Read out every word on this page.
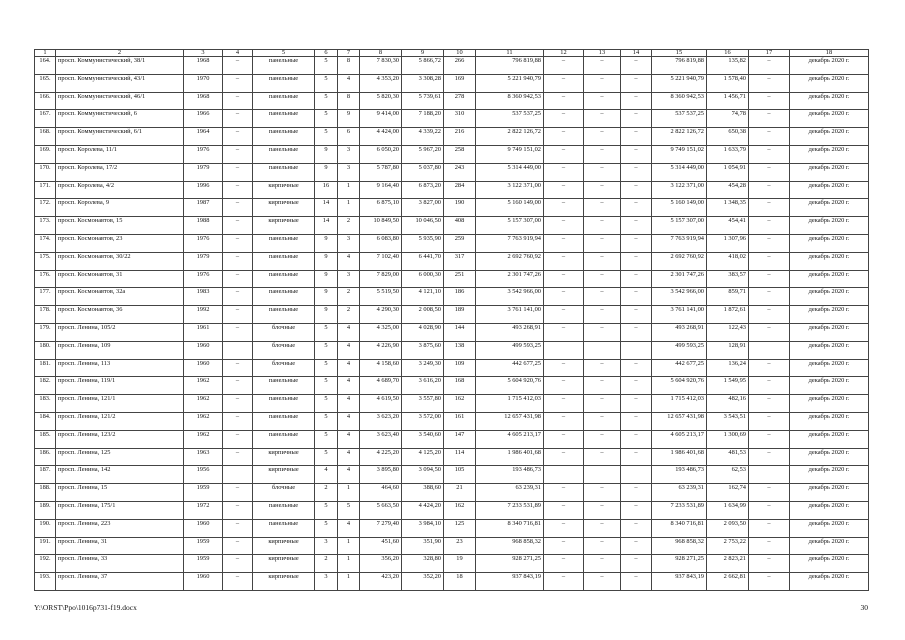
1	2	3	4	5	6	7	8	9	10	11	12	13	14	15	16	17	18
164.	просп. Коммунистический, 38/1	1968	–	панельные	5	8	7 830,30	5 866,72	266	796 819,88	–	–	–	796 819,88	135,82	–	декабрь 2020 г.
165.	просп. Коммунистический, 43/1	1970	–	панельные	5	4	4 353,20	3 308,28	169	5 221 940,79	–	–	–	5 221 940,79	1 578,40	–	декабрь 2020 г.
166.	просп. Коммунистический, 46/1	1968	–	панельные	5	8	5 820,30	5 739,61	278	8 360 942,53	–	–	–	8 360 942,53	1 456,71	–	декабрь 2020 г.
167.	просп. Коммунистический, 6	1966	–	панельные	5	9	9 414,00	7 188,20	310	537 537,25	–	–	–	537 537,25	74,78	–	декабрь 2020 г.
168.	просп. Коммунистический, 6/1	1964	–	панельные	5	6	4 424,00	4 339,22	216	2 822 126,72	–	–	–	2 822 126,72	650,38	–	декабрь 2020 г.
169.	просп. Королева, 11/1	1976	–	панельные	9	3	6 050,20	5 967,20	258	9 749 151,02	–	–	–	9 749 151,02	1 633,79	–	декабрь 2020 г.
170.	просп. Королева, 17/2	1979	–	панельные	9	3	5 787,80	5 037,80	243	5 314 449,00	–	–	–	5 314 449,00	1 054,91	–	декабрь 2020 г.
171.	просп. Королева, 4/2	1996	–	кирпичные	16	1	9 164,40	6 873,20	284	3 122 371,00	–	–	–	3 122 371,00	454,28	–	декабрь 2020 г.
172.	просп. Королева, 9	1987	–	кирпичные	14	1	6 875,10	3 827,00	190	5 160 149,00	–	–	–	5 160 149,00	1 348,35	–	декабрь 2020 г.
173.	просп. Космонавтов, 15	1988	–	кирпичные	14	2	10 849,50	10 046,50	408	5 157 307,00	–	–	–	5 157 307,00	454,41	–	декабрь 2020 г.
174.	просп. Космонавтов, 23	1976	–	панельные	9	3	6 083,80	5 935,90	259	7 763 919,94	–	–	–	7 763 919,94	1 307,96	–	декабрь 2020 г.
175.	просп. Космонавтов, 30/22	1979	–	панельные	9	4	7 102,40	6 441,70	317	2 692 760,92	–	–	–	2 692 760,92	418,02	–	декабрь 2020 г.
176.	просп. Космонавтов, 31	1976	–	панельные	9	3	7 829,00	6 000,30	251	2 301 747,26	–	–	–	2 301 747,26	383,57	–	декабрь 2020 г.
177.	просп. Космонавтов, 32а	1983	–	панельные	9	2	5 519,50	4 121,10	186	3 542 966,00	–	–	–	3 542 966,00	859,71	–	декабрь 2020 г.
178.	просп. Космонавтов, 36	1992	–	панельные	9	2	4 290,30	2 008,50	189	3 761 141,00	–	–	–	3 761 141,00	1 872,61	–	декабрь 2020 г.
179.	просп. Ленина, 105/2	1961	–	блочные	5	4	4 325,00	4 028,90	144	493 268,91	–	–	–	493 268,91	122,43	–	декабрь 2020 г.
180.	просп. Ленина, 109	1960		блочные	5	4	4 226,90	3 875,60	138	499 593,25				499 593,25	128,91		декабрь 2020 г.
181.	просп. Ленина, 113	1960	–	блочные	5	4	4 158,60	3 249,30	109	442 677,25	–	–	–	442 677,25	136,24	–	декабрь 2020 г.
182.	просп. Ленина, 119/1	1962	–	панельные	5	4	4 689,70	3 616,20	168	5 604 920,76	–	–	–	5 604 920,76	1 549,95	–	декабрь 2020 г.
183.	просп. Ленина, 121/1	1962	–	панельные	5	4	4 619,50	3 557,80	162	1 715 412,03	–	–	–	1 715 412,03	482,16	–	декабрь 2020 г.
184.	просп. Ленина, 121/2	1962	–	панельные	5	4	3 623,20	3 572,00	161	12 657 431,98	–	–	–	12 657 431,98	3 543,51	–	декабрь 2020 г.
185.	просп. Ленина, 123/2	1962	–	панельные	5	4	3 623,40	3 540,60	147	4 605 213,17	–	–	–	4 605 213,17	1 300,69	–	декабрь 2020 г.
186.	просп. Ленина, 125	1963	–	кирпичные	5	4	4 225,20	4 125,20	114	1 986 401,68	–	–	–	1 986 401,68	481,53	–	декабрь 2020 г.
187.	просп. Ленина, 142	1956		кирпичные	4	4	3 895,80	3 094,50	105	193 486,73				193 486,73	62,53		декабрь 2020 г.
188.	просп. Ленина, 15	1959	–	блочные	2	1	464,60	388,60	21	63 239,31	–	–	–	63 239,31	162,74	–	декабрь 2020 г.
189.	просп. Ленина, 175/1	1972	–	панельные	5	5	5 663,50	4 424,20	162	7 233 531,89	–	–	–	7 233 531,89	1 634,99	–	декабрь 2020 г.
190.	просп. Ленина, 223	1960	–	панельные	5	4	7 279,40	3 984,10	125	8 340 716,81	–	–	–	8 340 716,81	2 093,50	–	декабрь 2020 г.
191.	просп. Ленина, 31	1959	–	кирпичные	3	1	451,60	351,90	23	968 858,32	–	–	–	968 858,32	2 753,22	–	декабрь 2020 г.
192.	просп. Ленина, 33	1959	–	кирпичные	2	1	356,20	328,80	19	928 271,25	–	–	–	928 271,25	2 823,21	–	декабрь 2020 г.
193.	просп. Ленина, 37	1960	–	кирпичные	3	1	423,20	352,20	18	937 843,19	–	–	–	937 843,19	2 662,81	–	декабрь 2020 г.
Y:\ORST\Ppo\1016p731-f19.docx	30
